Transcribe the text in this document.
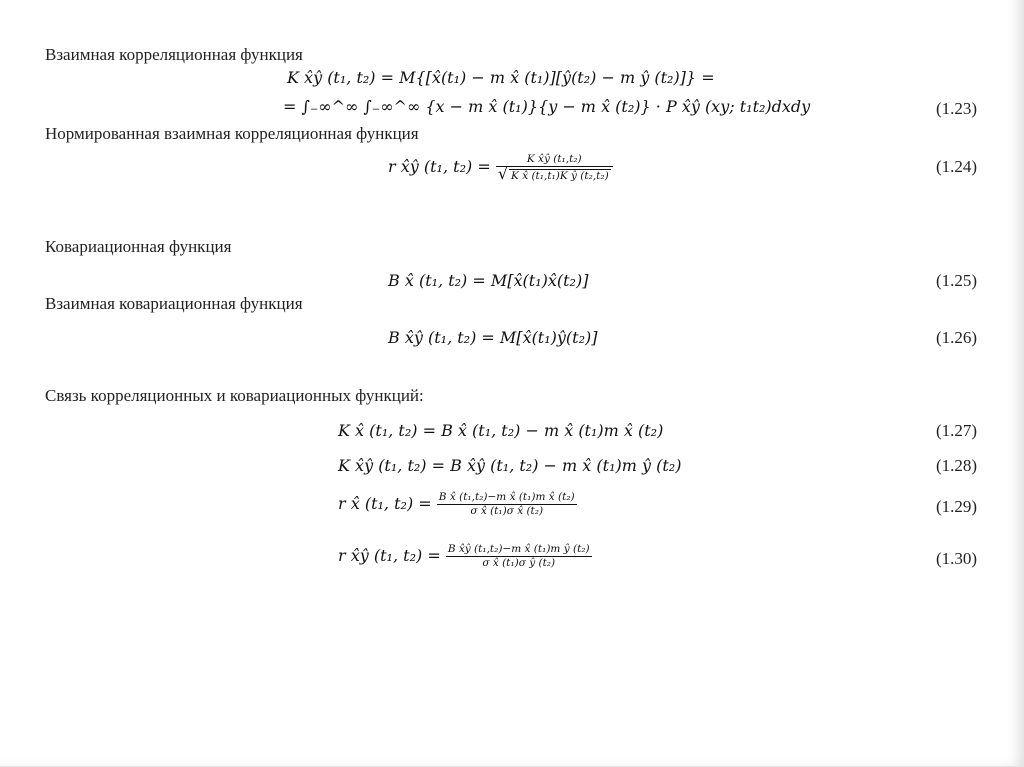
Взаимная корреляционная функция
K x̂ŷ (t₁, t₂) = M{[x̂(t₁) − m x̂ (t₁)][ŷ(t₂) − m ŷ (t₂)]} =
= ∫₋∞^∞ ∫₋∞^∞ {x − m x̂ (t₁)}{y − m x̂ (t₂)} · P x̂ŷ (xy; t₁t₂)dxdy	(1.23)
Нормированная взаимная корреляционная функция
r x̂ŷ (t₁, $t_2) = \frac{\text{K x̂ŷ (t₁,t₂)}}{\text{√ K x̂ (t₁,t₁)K ŷ (t₂,t₂)}}$	(1.24)
Ковариационная функция
B x̂ (t₁, t₂) = M[x̂(t₁)x̂(t₂)]	(1.25)
Взаимная ковариационная функция
B x̂ŷ (t₁, t₂) = M[x̂(t₁)ŷ(t₂)]	(1.26)
Связь корреляционных и ковариационных функций:
K x̂ (t₁, t₂) = B x̂ (t₁, t₂) − m x̂ (t₁)m x̂ (t₂)	(1.27)
K x̂ŷ (t₁, t₂) = B x̂ŷ (t₁, t₂) − m x̂ (t₁)m ŷ (t₂)	(1.28)
r x̂ (t₁, $t_2) = \frac{\text{B x̂ (t₁,t₂)−m x̂ (t₁)m x̂ (t₂)}}{\text{σ x̂ (t₁)σ x̂ (t₂)}}$	(1.29)
r x̂ŷ (t₁, $t_2) = \frac{\text{B x̂ŷ (t₁,t₂)−m x̂ (t₁)m ŷ (t₂)}}{\text{σ x̂ (t₁)σ ŷ (t₂)}}$	(1.30)
